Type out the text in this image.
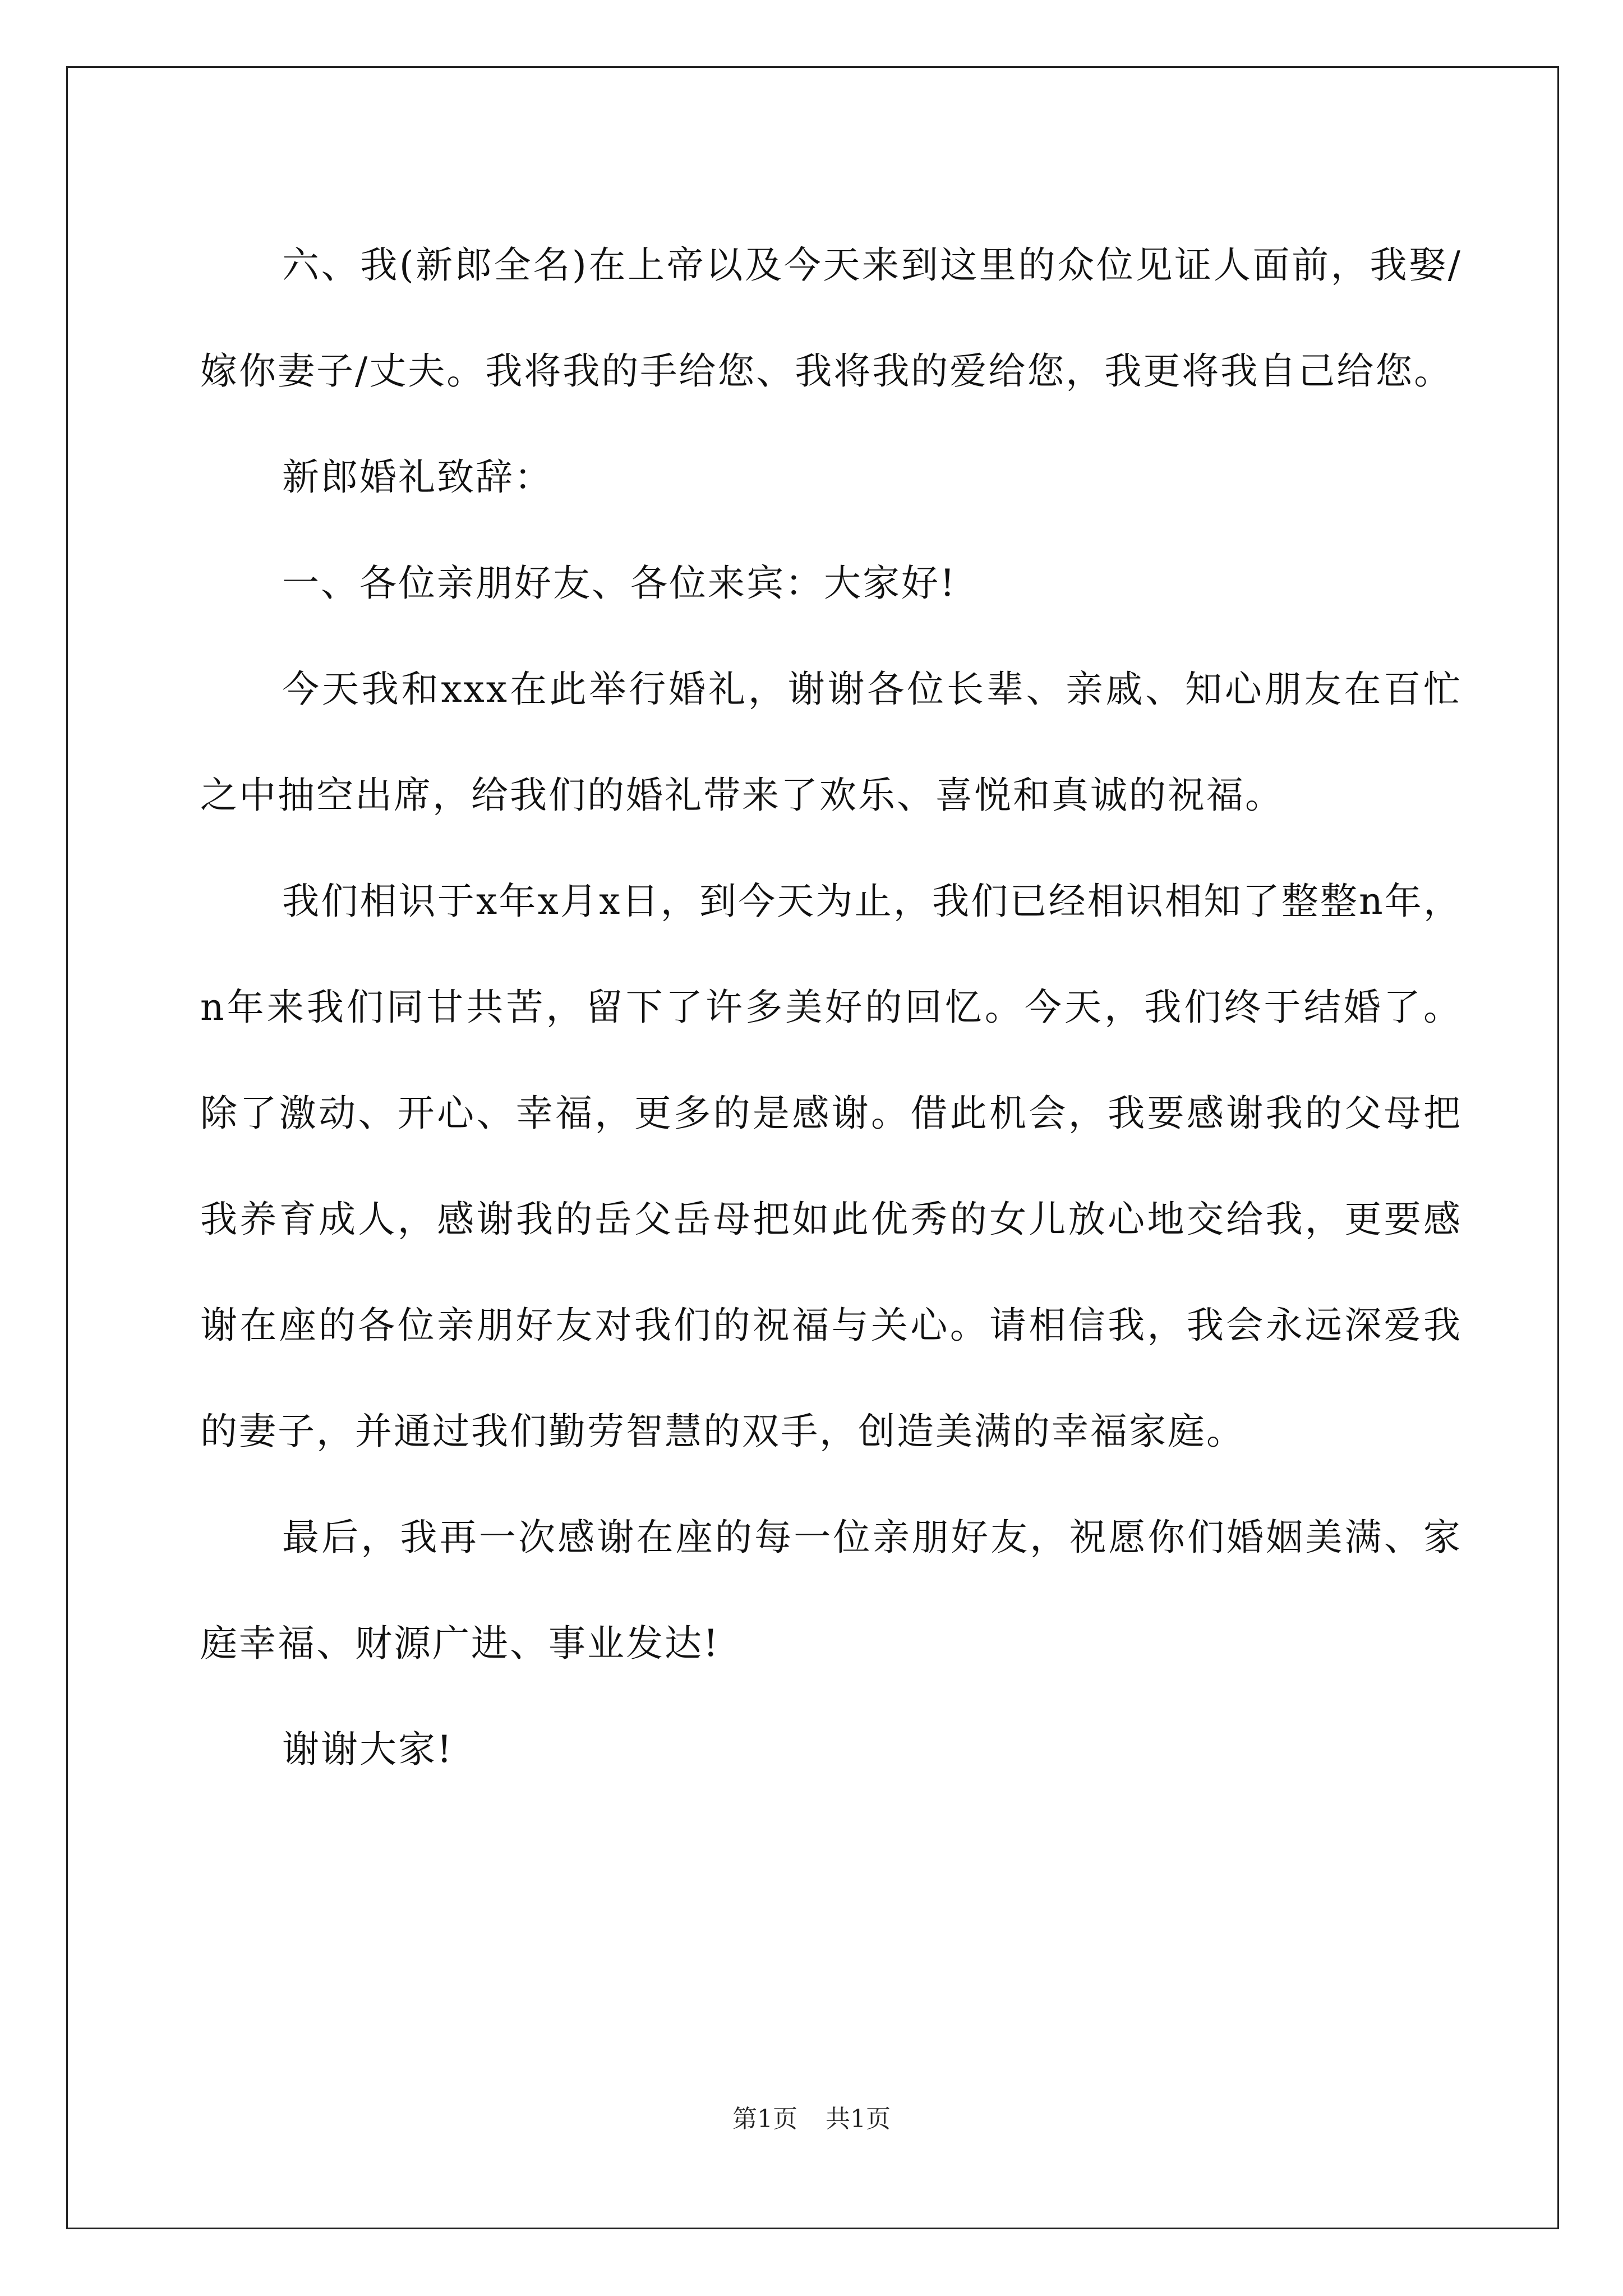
六、我(新郎全名)在上帝以及今天来到这里的众位见证人面前，我娶/嫁你妻子/丈夫。我将我的手给您、我将我的爱给您，我更将我自己给您。

新郎婚礼致辞：

一、各位亲朋好友、各位来宾：大家好!

今天我和xxx在此举行婚礼，谢谢各位长辈、亲戚、知心朋友在百忙之中抽空出席，给我们的婚礼带来了欢乐、喜悦和真诚的祝福。

我们相识于x年x月x日，到今天为止，我们已经相识相知了整整n年，n年来我们同甘共苦，留下了许多美好的回忆。今天，我们终于结婚了。除了激动、开心、幸福，更多的是感谢。借此机会，我要感谢我的父母把我养育成人，感谢我的岳父岳母把如此优秀的女儿放心地交给我，更要感谢在座的各位亲朋好友对我们的祝福与关心。请相信我，我会永远深爱我的妻子，并通过我们勤劳智慧的双手，创造美满的幸福家庭。

最后，我再一次感谢在座的每一位亲朋好友，祝愿你们婚姻美满、家庭幸福、财源广进、事业发达!

谢谢大家!

第1页 共1页
